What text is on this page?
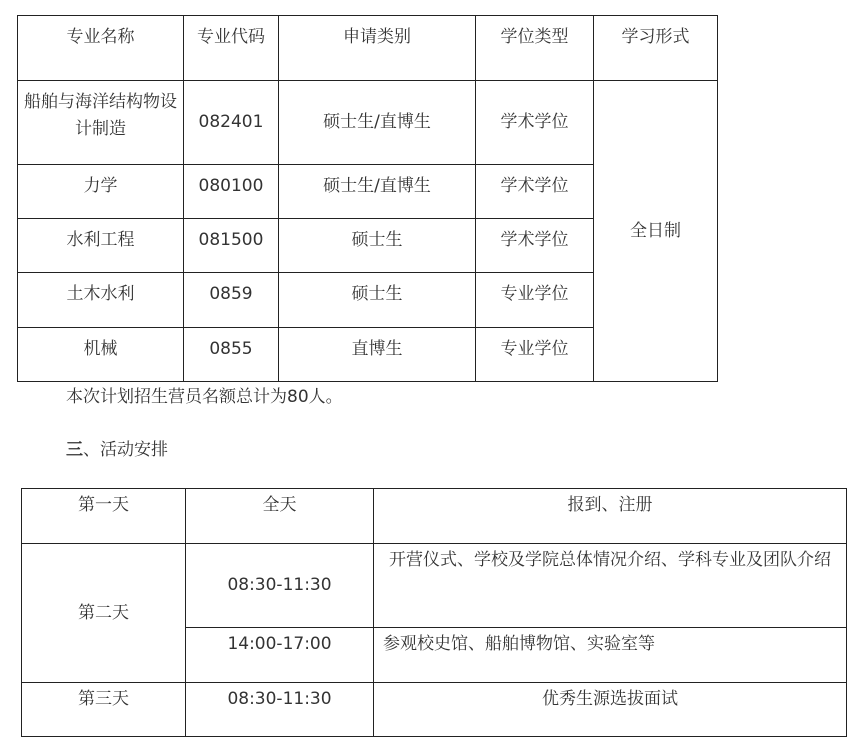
专业名称	专业代码	申请类别	学位类型	学习形式
船舶与海洋结构物设计制造	082401	硕士生/直博生	学术学位	全日制
力学	080100	硕士生/直博生	学术学位	
水利工程	081500	硕士生	学术学位	
土木水利	0859	硕士生	专业学位	
机械	0855	直博生	专业学位	
本次计划招生营员名额总计为80人。
三、活动安排
第一天	全天	报到、注册
第二天	08:30-11:30	开营仪式、学校及学院总体情况介绍、学科专业及团队介绍
	14:00-17:00	参观校史馆、船舶博物馆、实验室等
第三天	08:30-11:30	优秀生源选拔面试
